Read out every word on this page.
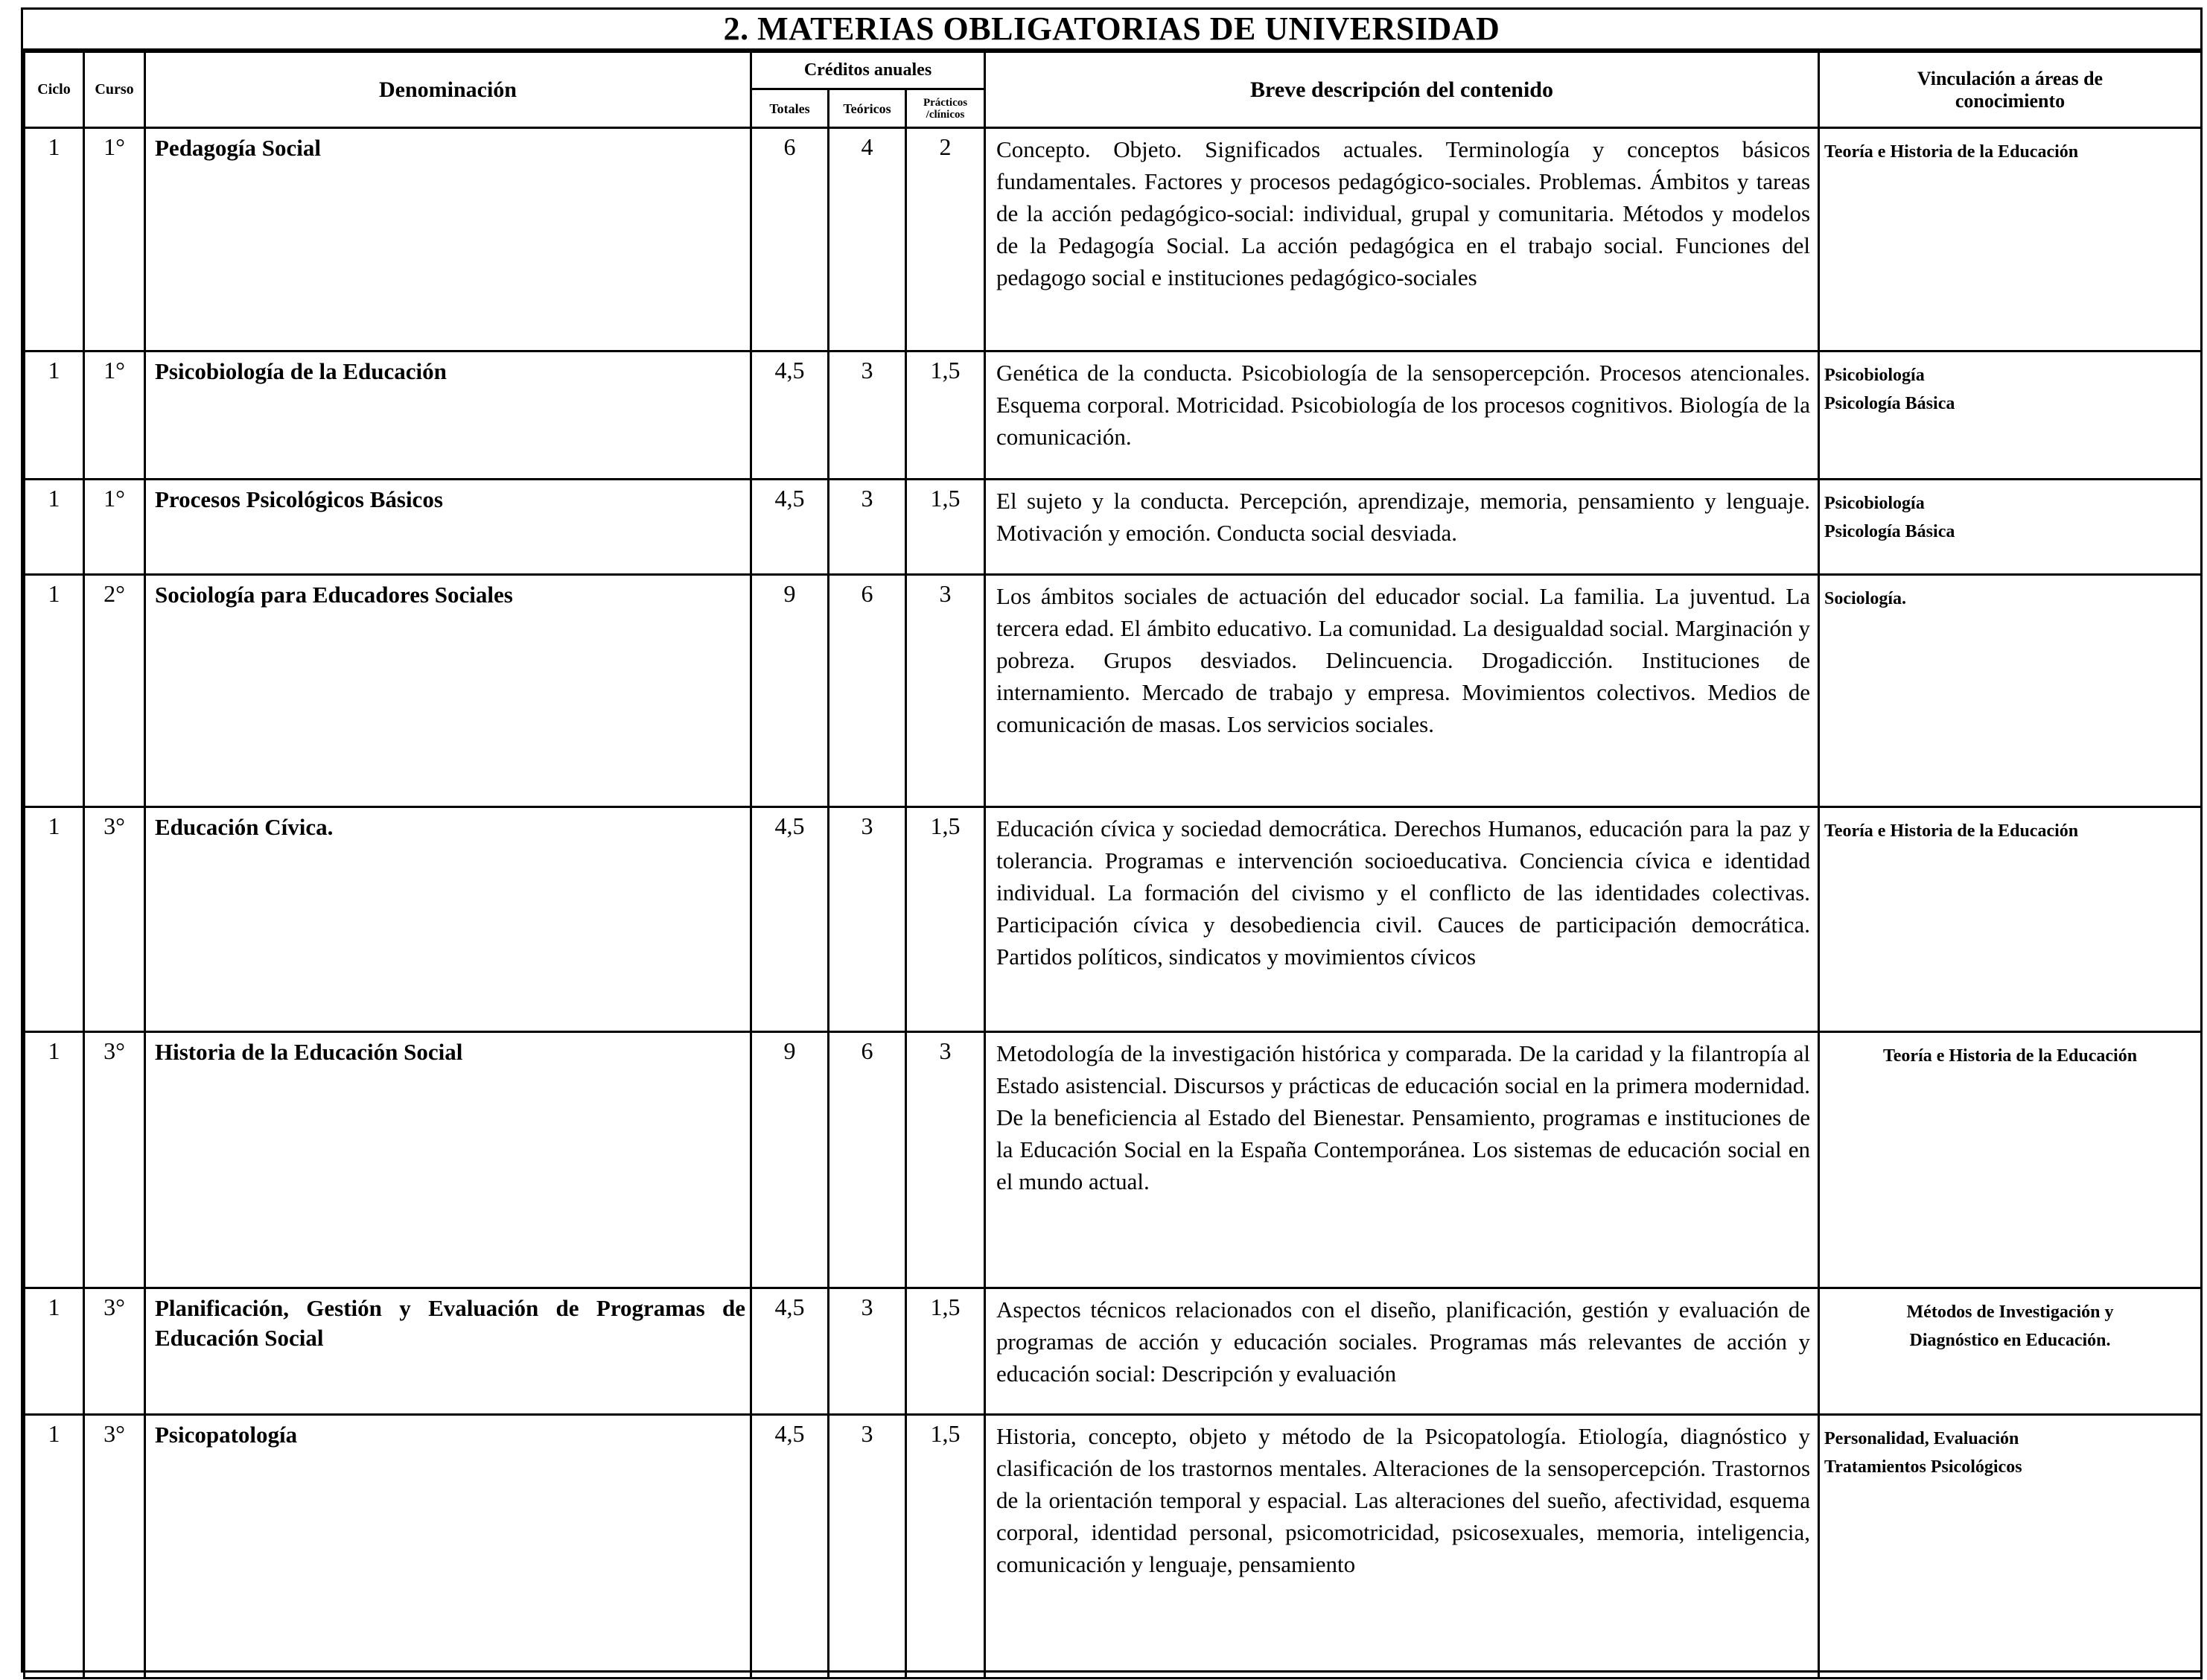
2. MATERIAS OBLIGATORIAS DE UNIVERSIDAD
Ciclo	Curso	Denominación	Créditos anuales			Breve descripción del contenido	Vinculación a áreas de
conocimiento

			Totales	Teóricos	Prácticos
/clínicos		

1	1°	Pedagogía Social	6	4	2	Concepto. Objeto. Significados actuales. Terminología y conceptos básicos fundamentales. Factores y procesos pedagógico-sociales. Problemas. Ámbitos y tareas de la acción pedagógico-social: individual, grupal y comunitaria. Métodos y modelos de la Pedagogía Social. La acción pedagógica en el trabajo social. Funciones del pedagogo social e instituciones pedagógico-sociales	Teoría e Historia de la Educación

1	1°	Psicobiología de la Educación	4,5	3	1,5	Genética de la conducta. Psicobiología de la sensopercepción. Procesos atencionales. Esquema corporal. Motricidad. Psicobiología de los procesos cognitivos. Biología de la comunicación.	Psicobiología
Psicología Básica

1	1°	Procesos Psicológicos Básicos	4,5	3	1,5	El sujeto y la conducta. Percepción, aprendizaje, memoria, pensamiento y lenguaje. Motivación y emoción. Conducta social desviada.	Psicobiología
Psicología Básica

1	2°	Sociología para Educadores Sociales	9	6	3	Los ámbitos sociales de actuación del educador social. La familia. La juventud. La tercera edad. El ámbito educativo. La comunidad. La desigualdad social. Marginación y pobreza. Grupos desviados. Delincuencia. Drogadicción. Instituciones de internamiento. Mercado de trabajo y empresa. Movimientos colectivos. Medios de comunicación de masas. Los servicios sociales.	Sociología.

1	3°	Educación Cívica.	4,5	3	1,5	Educación cívica y sociedad democrática. Derechos Humanos, educación para la paz y tolerancia. Programas e intervención socioeducativa. Conciencia cívica e identidad individual. La formación del civismo y el conflicto de las identidades colectivas. Participación cívica y desobediencia civil. Cauces de participación democrática. Partidos políticos, sindicatos y movimientos cívicos	Teoría e Historia de la Educación

1	3°	Historia de la Educación Social	9	6	3	Metodología de la investigación histórica y comparada. De la caridad y la filantropía al Estado asistencial. Discursos y prácticas de educación social en la primera modernidad. De la beneficiencia al Estado del Bienestar. Pensamiento, programas e instituciones de la Educación Social en la España Contemporánea. Los sistemas de educación social en el mundo actual.	Teoría e Historia de la Educación

1	3°	Planificación, Gestión y Evaluación de Programas de Educación Social	4,5	3	1,5	Aspectos técnicos relacionados con el diseño, planificación, gestión y evaluación de programas de acción y educación sociales. Programas más relevantes de acción y educación social: Descripción y evaluación	Métodos de Investigación y
Diagnóstico en Educación.

1	3°	Psicopatología	4,5	3	1,5	Historia, concepto, objeto y método de la Psicopatología. Etiología, diagnóstico y clasificación de los trastornos mentales. Alteraciones de la sensopercepción. Trastornos de la orientación temporal y espacial. Las alteraciones del sueño, afectividad, esquema corporal, identidad personal, psicomotricidad, psicosexuales, memoria, inteligencia, comunicación y lenguaje, pensamiento	Personalidad, Evaluación
Tratamientos Psicológicos
